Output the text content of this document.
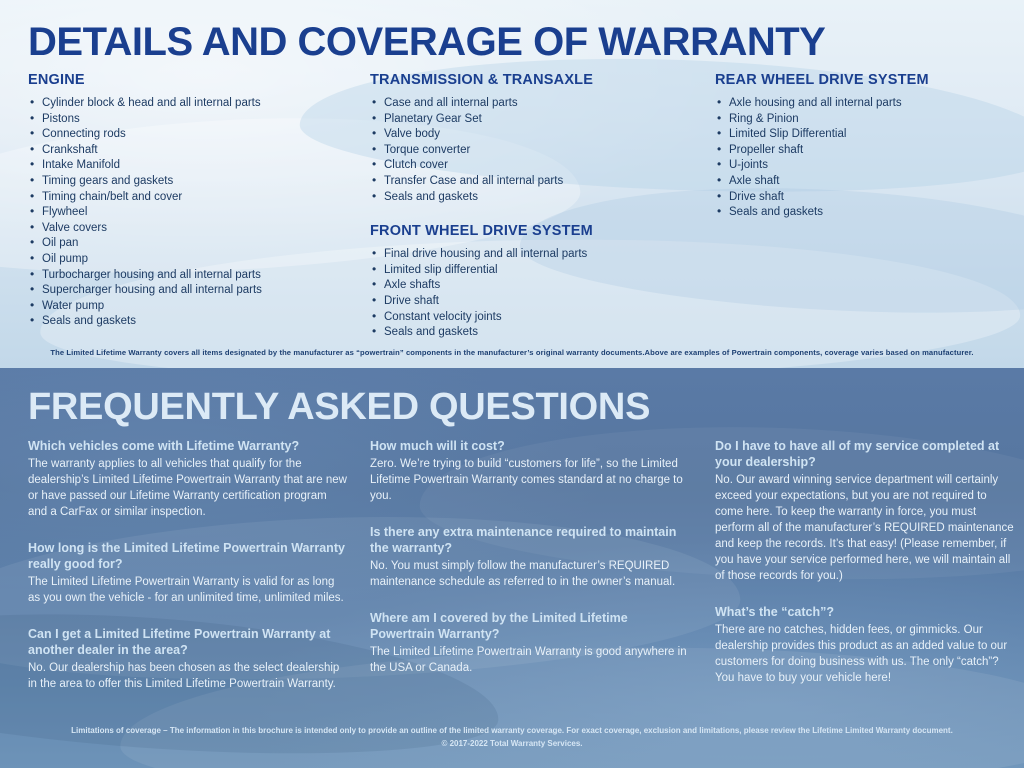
DETAILS AND COVERAGE OF WARRANTY
ENGINE
• Cylinder block & head and all internal parts
• Pistons
• Connecting rods
• Crankshaft
• Intake Manifold
• Timing gears and gaskets
• Timing chain/belt and cover
• Flywheel
• Valve covers
• Oil pan
• Oil pump
• Turbocharger housing and all internal parts
• Supercharger housing and all internal parts
• Water pump
• Seals and gaskets
TRANSMISSION & TRANSAXLE
• Case and all internal parts
• Planetary Gear Set
• Valve body
• Torque converter
• Clutch cover
• Transfer Case and all internal parts
• Seals and gaskets
FRONT WHEEL DRIVE SYSTEM
• Final drive housing and all internal parts
• Limited slip differential
• Axle shafts
• Drive shaft
• Constant velocity joints
• Seals and gaskets
REAR WHEEL DRIVE SYSTEM
• Axle housing and all internal parts
• Ring & Pinion
• Limited Slip Differential
• Propeller shaft
• U-joints
• Axle shaft
• Drive shaft
• Seals and gaskets
The Limited Lifetime Warranty covers all items designated by the manufacturer as “powertrain” components in the manufacturer’s original warranty documents.Above are examples of Powertrain components, coverage varies based on manufacturer.
FREQUENTLY ASKED QUESTIONS
Which vehicles come with Lifetime Warranty?
The warranty applies to all vehicles that qualify for the dealership’s Limited Lifetime Powertrain Warranty that are new or have passed our Lifetime Warranty certification program and a CarFax or similar inspection.
How long is the Limited Lifetime Powertrain Warranty really good for?
The Limited Lifetime Powertrain Warranty is valid for as long as you own the vehicle - for an unlimited time, unlimited miles.
Can I get a Limited Lifetime Powertrain Warranty at another dealer in the area?
No. Our dealership has been chosen as the select dealership in the area to offer this Limited Lifetime Powertrain Warranty.
How much will it cost?
Zero. We’re trying to build “customers for life”, so the Limited Lifetime Powertrain Warranty comes standard at no charge to you.
Is there any extra maintenance required to maintain the warranty?
No. You must simply follow the manufacturer’s REQUIRED maintenance schedule as referred to in the owner’s manual.
Where am I covered by the Limited Lifetime Powertrain Warranty?
The Limited Lifetime Powertrain Warranty is good anywhere in the USA or Canada.
Do I have to have all of my service completed at your dealership?
No. Our award winning service department will certainly exceed your expectations, but you are not required to come here. To keep the warranty in force, you must perform all of the manufacturer’s REQUIRED maintenance and keep the records. It’s that easy! (Please remember, if you have your service performed here, we will maintain all of those records for you.)
What’s the “catch”?
There are no catches, hidden fees, or gimmicks. Our dealership provides this product as an added value to our customers for doing business with us. The only “catch”? You have to buy your vehicle here!
Limitations of coverage – The information in this brochure is intended only to provide an outline of the limited warranty coverage. For exact coverage, exclusion and limitations, please review the Lifetime Limited Warranty document.
© 2017-2022 Total Warranty Services.
